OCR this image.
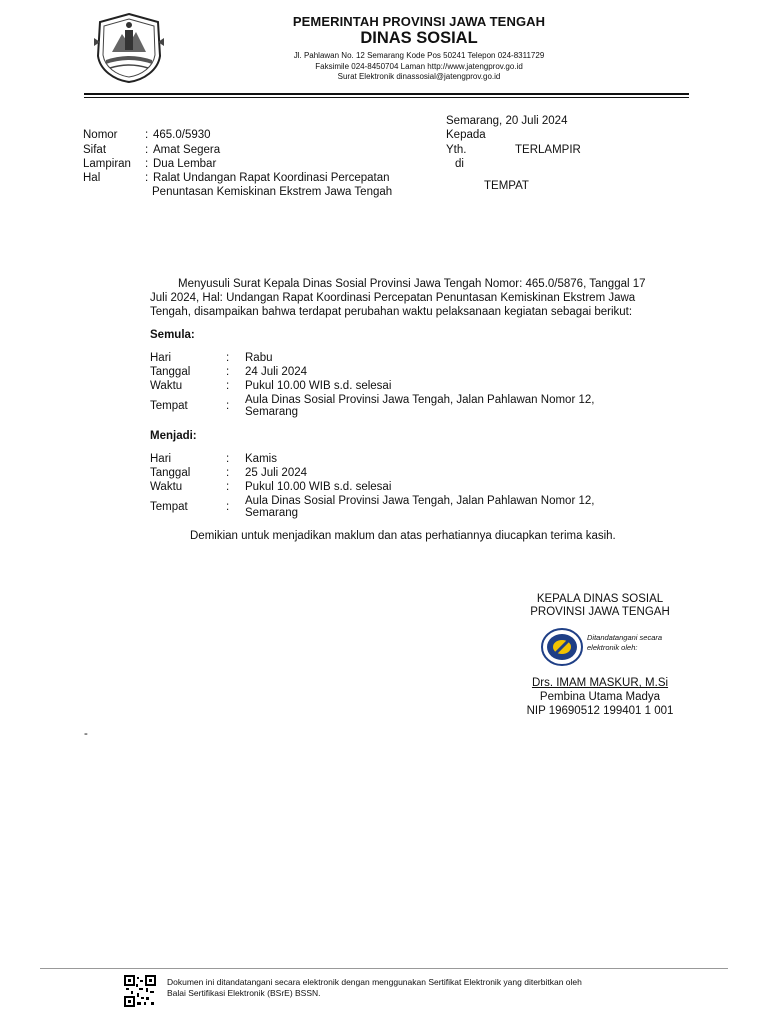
PEMERINTAH PROVINSI JAWA TENGAH
DINAS SOSIAL
Jl. Pahlawan No. 12 Semarang Kode Pos 50241 Telepon 024-8311729
Faksimile 024-8450704 Laman http://www.jatengprov.go.id
Surat Elektronik dinassosial@jatengprov.go.id
Semarang, 20 Juli 2024
Kepada
Yth.	TERLAMPIR
di
TEMPAT
Nomor	: 465.0/5930
Sifat	: Amat Segera
Lampiran	: Dua Lembar
Hal	: Ralat Undangan Rapat Koordinasi Percepatan
Penuntasan Kemiskinan Ekstrem Jawa Tengah
Menyusuli Surat Kepala Dinas Sosial Provinsi Jawa Tengah Nomor: 465.0/5876, Tanggal 17
Juli 2024, Hal: Undangan Rapat Koordinasi Percepatan Penuntasan Kemiskinan Ekstrem Jawa
Tengah, disampaikan bahwa terdapat perubahan waktu pelaksanaan kegiatan sebagai berikut:
Semula:
Hari	: Rabu
Tanggal	: 24 Juli 2024
Waktu	: Pukul 10.00 WIB s.d. selesai
Tempat	: Aula Dinas Sosial Provinsi Jawa Tengah, Jalan Pahlawan Nomor 12,
Semarang
Menjadi:
Hari	: Kamis
Tanggal	: 25 Juli 2024
Waktu	: Pukul 10.00 WIB s.d. selesai
Tempat	: Aula Dinas Sosial Provinsi Jawa Tengah, Jalan Pahlawan Nomor 12,
Semarang
Demikian untuk menjadikan maklum dan atas perhatiannya diucapkan terima kasih.
KEPALA DINAS SOSIAL
PROVINSI JAWA TENGAH
Ditandatangani secara
elektronik oleh:
Drs. IMAM MASKUR, M.Si
Pembina Utama Madya
NIP 19690512 199401 1 001
-
Dokumen ini ditandatangani secara elektronik dengan menggunakan Sertifikat Elektronik yang diterbitkan oleh
Balai Sertifikasi Elektronik (BSrE) BSSN.
